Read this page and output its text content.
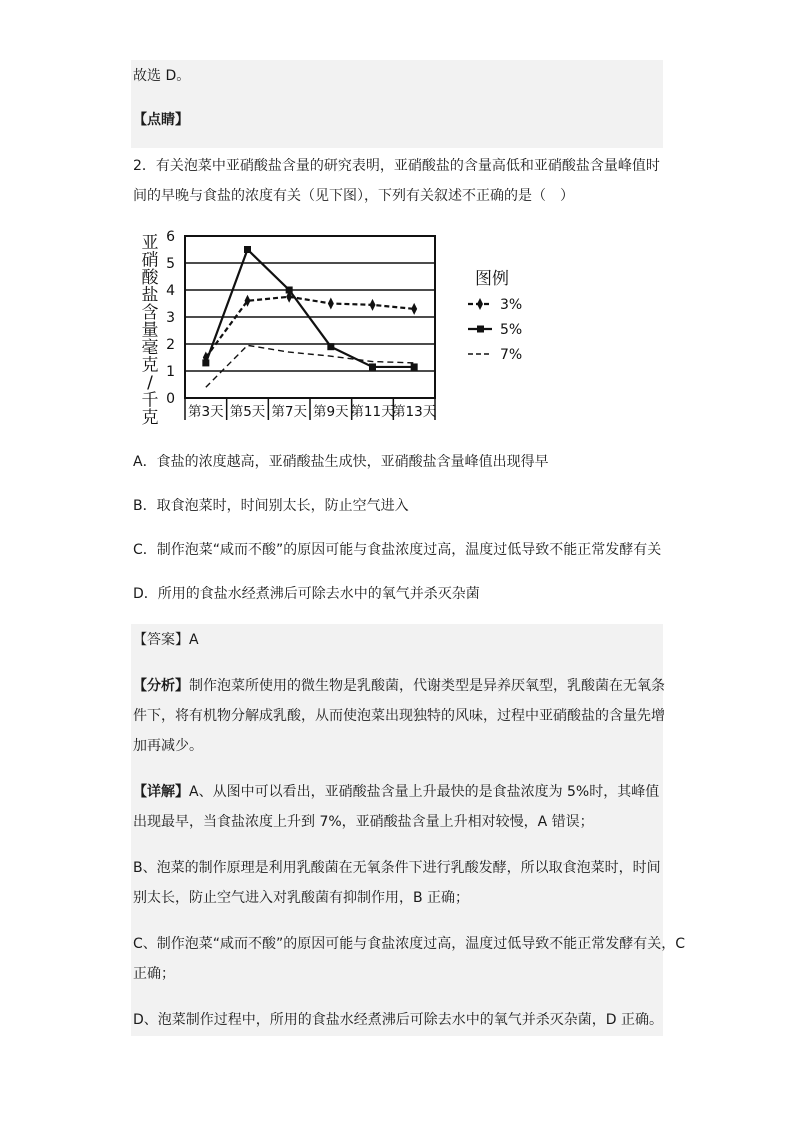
故选 D。
【点睛】
2．有关泡菜中亚硝酸盐含量的研究表明，亚硝酸盐的含量高低和亚硝酸盐含量峰值时
间的早晚与食盐的浓度有关（见下图），下列有关叙述不正确的是（　）
亚
硝
酸
盐
含
量
毫
克
/
千
克
0
1
2
3
4
5
6
第3天 第5天 第7天 第9天 第11天
第13天
图例
3%
5%
7%
A．食盐的浓度越高，亚硝酸盐生成快，亚硝酸盐含量峰值出现得早
B．取食泡菜时，时间别太长，防止空气进入
C．制作泡菜“咸而不酸”的原因可能与食盐浓度过高，温度过低导致不能正常发酵有关
D．所用的食盐水经煮沸后可除去水中的氧气并杀灭杂菌
【答案】A
【分析】制作泡菜所使用的微生物是乳酸菌，代谢类型是异养厌氧型，乳酸菌在无氧条
件下，将有机物分解成乳酸，从而使泡菜出现独特的风味，过程中亚硝酸盐的含量先增
加再减少。
【详解】A、从图中可以看出，亚硝酸盐含量上升最快的是食盐浓度为 5%时，其峰值
出现最早，当食盐浓度上升到 7%，亚硝酸盐含量上升相对较慢，A 错误；
B、泡菜的制作原理是利用乳酸菌在无氧条件下进行乳酸发酵，所以取食泡菜时，时间
别太长，防止空气进入对乳酸菌有抑制作用，B 正确；
C、制作泡菜“咸而不酸”的原因可能与食盐浓度过高，温度过低导致不能正常发酵有关，C
正确；
D、泡菜制作过程中，所用的食盐水经煮沸后可除去水中的氧气并杀灭杂菌，D 正确。
